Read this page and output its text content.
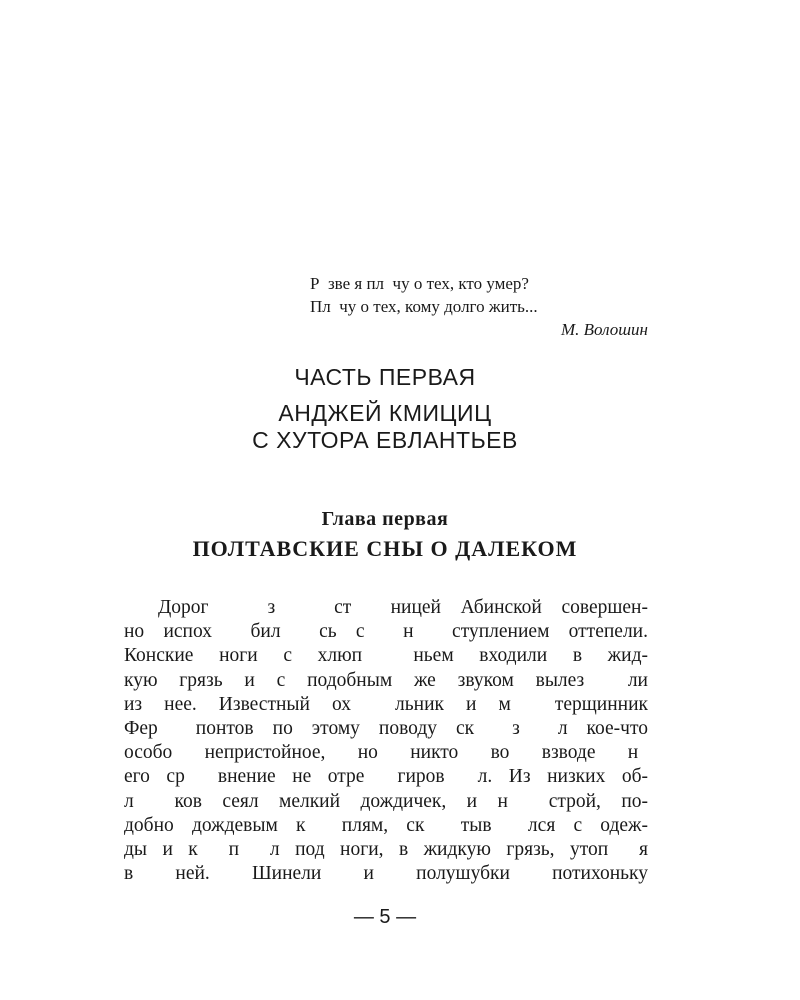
Р  зве я пл  чу о тех, кто умер?
Пл  чу о тех, кому долго жить...
М. Волошин
ЧАСТЬ ПЕРВАЯ
АНДЖЕЙ КМИЦИЦ
С ХУТОРА ЕВЛАНТЬЕВ
Глава первая
ПОЛТАВСКИЕ СНЫ О ДАЛЕКОМ
Дорог   з   ст  ницей Абинской совершен-
но испох  бил  сь с  н  ступлением оттепели.
Конские ноги с хлюп  ньем входили в жид-
кую грязь и с подобным же звуком вылез  ли
из нее. Известный ох  льник и м  терщинник
Фер  понтов по этому поводу ск  з  л кое-что
особо непристойное, но никто во взводе н
его ср  внение не отре  гиров  л. Из низких об-
л  ков сеял мелкий дождичек, и н  строй, по-
добно дождевым к  плям, ск  тыв  лся с одеж-
ды и к  п  л под ноги, в жидкую грязь, утоп  я
в ней. Шинели и полушубки потихоньку
— 5 —
